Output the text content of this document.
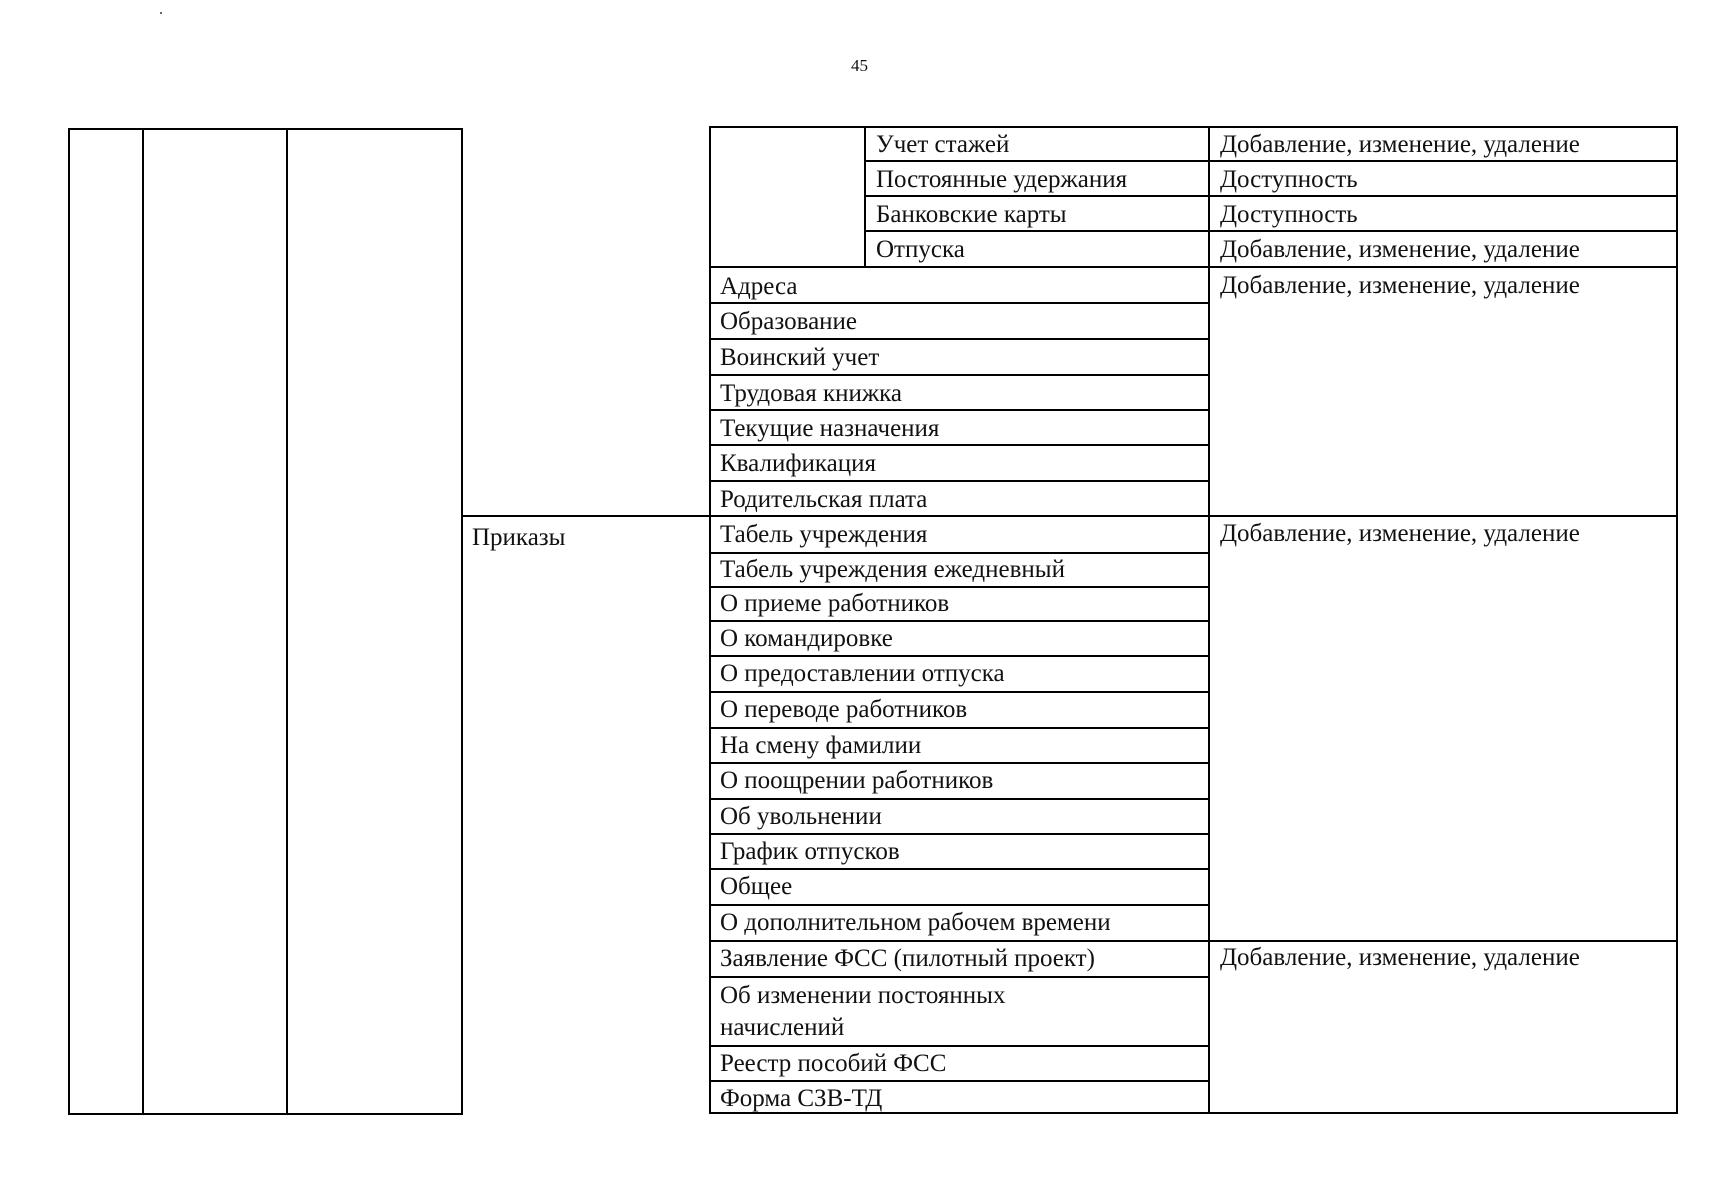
45
Приказы
Учет стажей
Постоянные удержания
Банковские карты
Отпуска
Добавление, изменение, удаление
Доступность
Доступность
Добавление, изменение, удаление
Адреса
Образование
Воинский учет
Трудовая книжка
Текущие назначения
Квалификация
Родительская плата
Добавление, изменение, удаление
Табель учреждения
Табель учреждения ежедневный
О приеме работников
О командировке
О предоставлении отпуска
О переводе работников
На смену фамилии
О поощрении работников
Об увольнении
График отпусков
Общее
О дополнительном рабочем времени
Добавление, изменение, удаление
Заявление ФСС (пилотный проект)
Об изменении постоянных начислений
Реестр пособий ФСС
Форма СЗВ-ТД
Добавление, изменение, удаление
